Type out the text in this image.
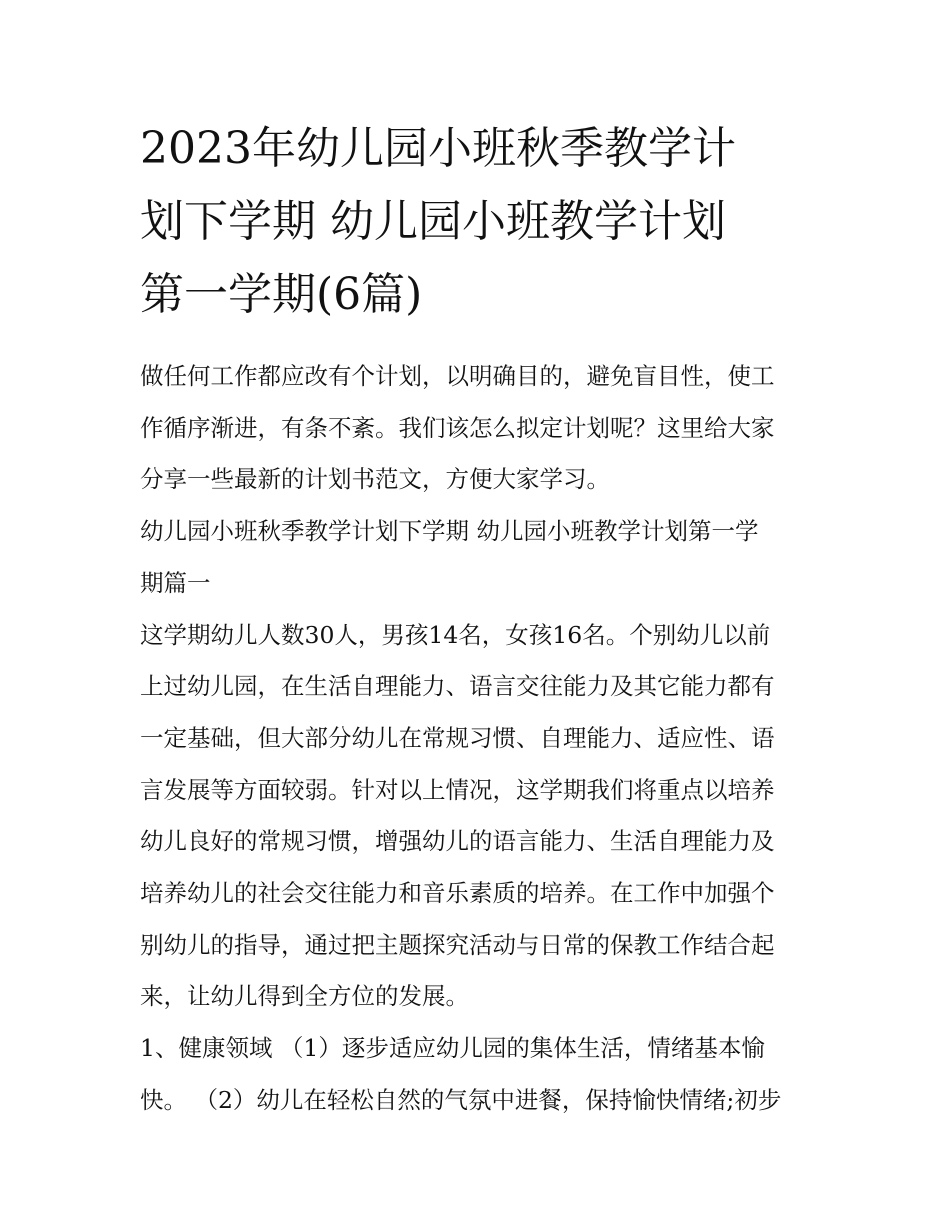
2023年幼儿园小班秋季教学计
划下学期 幼儿园小班教学计划
第一学期(6篇)
做任何工作都应改有个计划，以明确目的，避免盲目性，使工
作循序渐进，有条不紊。我们该怎么拟定计划呢？这里给大家
分享一些最新的计划书范文，方便大家学习。
幼儿园小班秋季教学计划下学期 幼儿园小班教学计划第一学
期篇一
这学期幼儿人数30人，男孩14名，女孩16名。个别幼儿以前
上过幼儿园，在生活自理能力、语言交往能力及其它能力都有
一定基础，但大部分幼儿在常规习惯、自理能力、适应性、语
言发展等方面较弱。针对以上情况，这学期我们将重点以培养
幼儿良好的常规习惯，增强幼儿的语言能力、生活自理能力及
培养幼儿的社会交往能力和音乐素质的培养。在工作中加强个
别幼儿的指导，通过把主题探究活动与日常的保教工作结合起
来，让幼儿得到全方位的发展。
1、健康领域 （1）逐步适应幼儿园的集体生活，情绪基本愉
快。 （2）幼儿在轻松自然的气氛中进餐，保持愉快情绪;初步
